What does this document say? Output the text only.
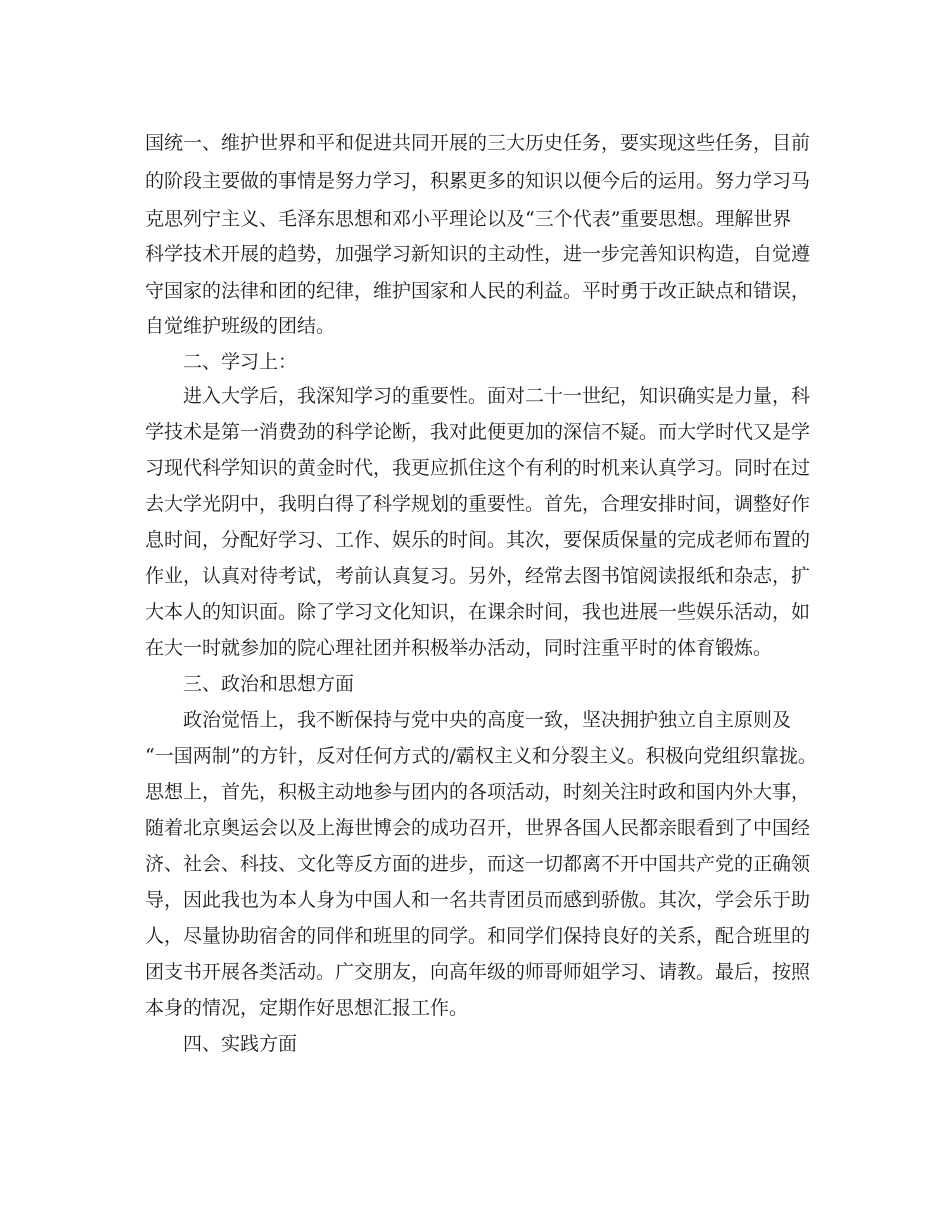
国统一、维护世界和平和促进共同开展的三大历史任务，要实现这些任务，目前
的阶段主要做的事情是努力学习，积累更多的知识以便今后的运用。努力学习马
克思列宁主义、毛泽东思想和邓小平理论以及“三个代表”重要思想。理解世界
科学技术开展的趋势，加强学习新知识的主动性，进一步完善知识构造，自觉遵
守国家的法律和团的纪律，维护国家和人民的利益。平时勇于改正缺点和错误，
自觉维护班级的团结。
二、学习上：
进入大学后，我深知学习的重要性。面对二十一世纪，知识确实是力量，科
学技术是第一消费劲的科学论断，我对此便更加的深信不疑。而大学时代又是学
习现代科学知识的黄金时代，我更应抓住这个有利的时机来认真学习。同时在过
去大学光阴中，我明白得了科学规划的重要性。首先，合理安排时间，调整好作
息时间，分配好学习、工作、娱乐的时间。其次，要保质保量的完成老师布置的
作业，认真对待考试，考前认真复习。另外，经常去图书馆阅读报纸和杂志，扩
大本人的知识面。除了学习文化知识，在课余时间，我也进展一些娱乐活动，如
在大一时就参加的院心理社团并积极举办活动，同时注重平时的体育锻炼。
三、政治和思想方面
政治觉悟上，我不断保持与党中央的高度一致，坚决拥护独立自主原则及
“一国两制”的方针，反对任何方式的/霸权主义和分裂主义。积极向党组织靠拢。
思想上，首先，积极主动地参与团内的各项活动，时刻关注时政和国内外大事，
随着北京奥运会以及上海世博会的成功召开，世界各国人民都亲眼看到了中国经
济、社会、科技、文化等反方面的进步，而这一切都离不开中国共产党的正确领
导，因此我也为本人身为中国人和一名共青团员而感到骄傲。其次，学会乐于助
人，尽量协助宿舍的同伴和班里的同学。和同学们保持良好的关系，配合班里的
团支书开展各类活动。广交朋友，向高年级的师哥师姐学习、请教。最后，按照
本身的情况，定期作好思想汇报工作。
四、实践方面
